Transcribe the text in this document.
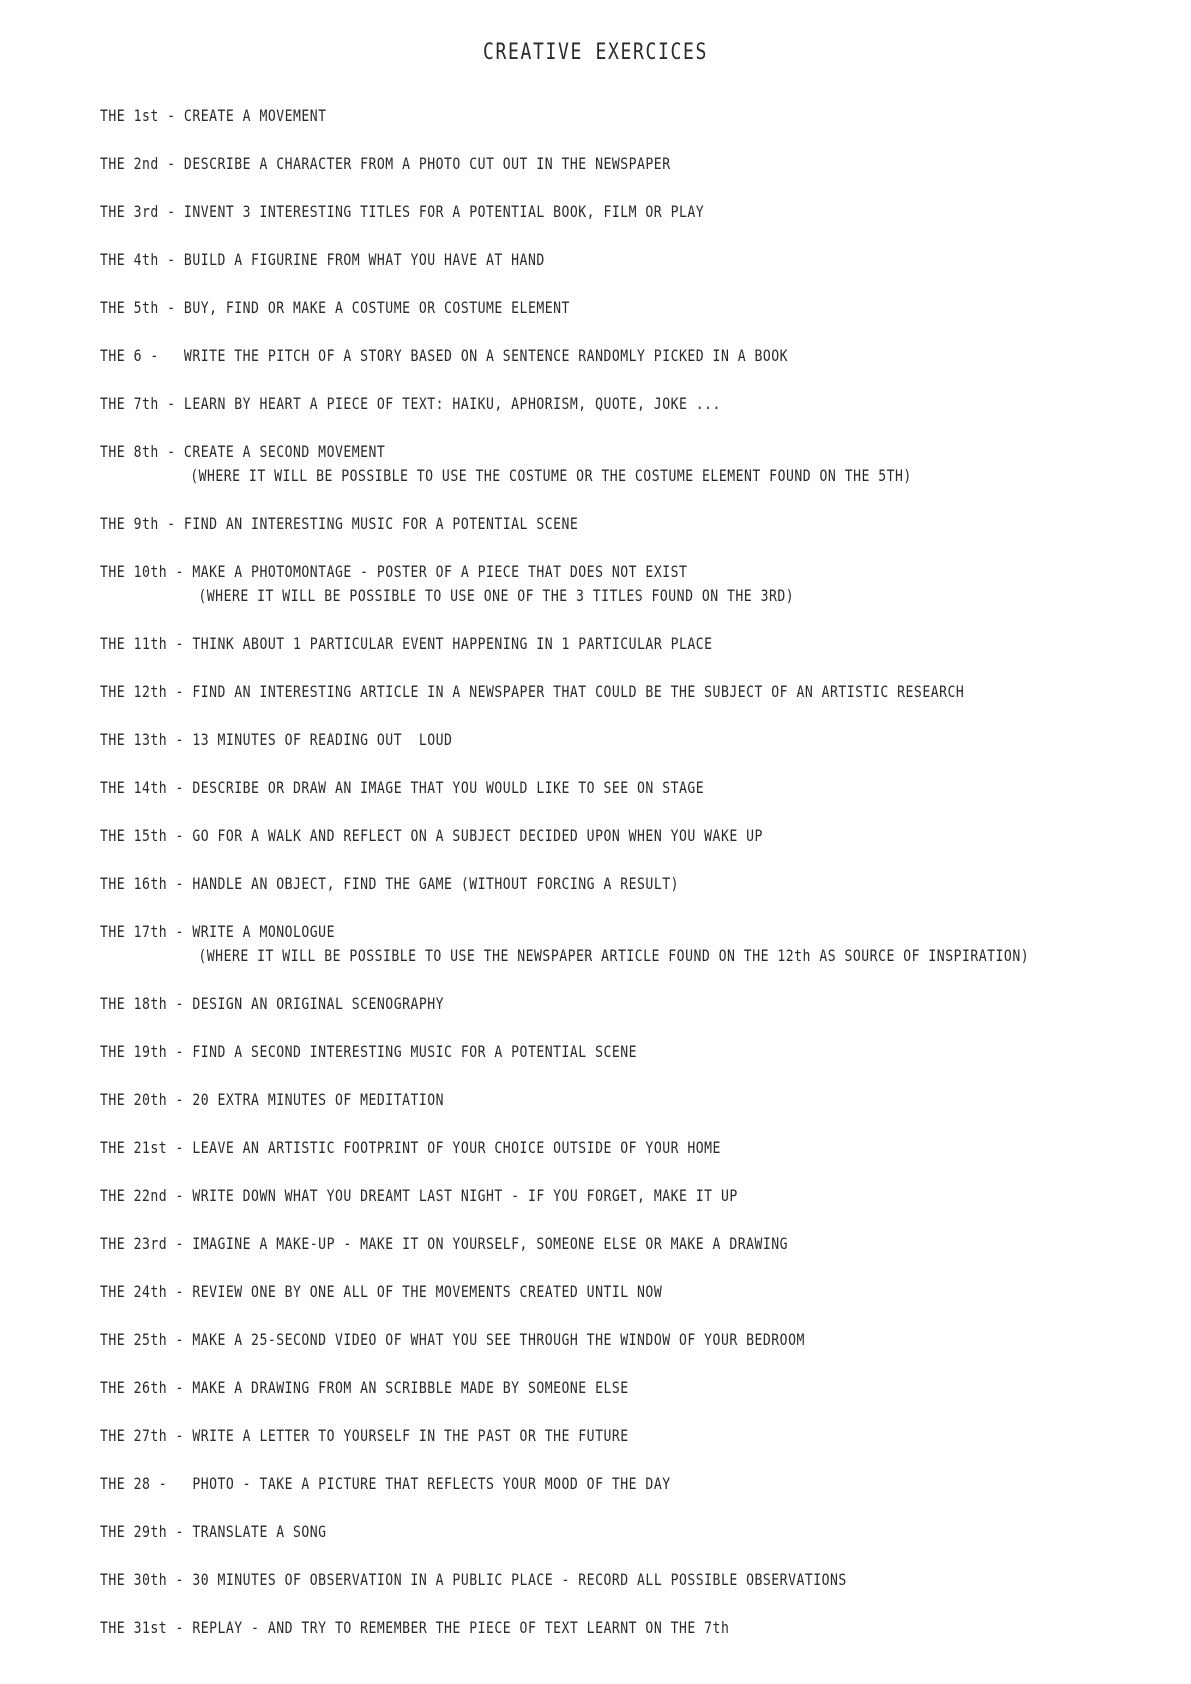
CREATIVE EXERCICES
THE 1st - CREATE A MOVEMENT
THE 2nd - DESCRIBE A CHARACTER FROM A PHOTO CUT OUT IN THE NEWSPAPER
THE 3rd - INVENT 3 INTERESTING TITLES FOR A POTENTIAL BOOK, FILM OR PLAY
THE 4th - BUILD A FIGURINE FROM WHAT YOU HAVE AT HAND
THE 5th - BUY, FIND OR MAKE A COSTUME OR COSTUME ELEMENT
THE 6 -   WRITE THE PITCH OF A STORY BASED ON A SENTENCE RANDOMLY PICKED IN A BOOK
THE 7th - LEARN BY HEART A PIECE OF TEXT: HAIKU, APHORISM, QUOTE, JOKE ...
THE 8th - CREATE A SECOND MOVEMENT
(WHERE IT WILL BE POSSIBLE TO USE THE COSTUME OR THE COSTUME ELEMENT FOUND ON THE 5TH)
THE 9th - FIND AN INTERESTING MUSIC FOR A POTENTIAL SCENE
THE 10th - MAKE A PHOTOMONTAGE - POSTER OF A PIECE THAT DOES NOT EXIST
(WHERE IT WILL BE POSSIBLE TO USE ONE OF THE 3 TITLES FOUND ON THE 3RD)
THE 11th - THINK ABOUT 1 PARTICULAR EVENT HAPPENING IN 1 PARTICULAR PLACE
THE 12th - FIND AN INTERESTING ARTICLE IN A NEWSPAPER THAT COULD BE THE SUBJECT OF AN ARTISTIC RESEARCH
THE 13th - 13 MINUTES OF READING OUT  LOUD
THE 14th - DESCRIBE OR DRAW AN IMAGE THAT YOU WOULD LIKE TO SEE ON STAGE
THE 15th - GO FOR A WALK AND REFLECT ON A SUBJECT DECIDED UPON WHEN YOU WAKE UP
THE 16th - HANDLE AN OBJECT, FIND THE GAME (WITHOUT FORCING A RESULT)
THE 17th - WRITE A MONOLOGUE
(WHERE IT WILL BE POSSIBLE TO USE THE NEWSPAPER ARTICLE FOUND ON THE 12th AS SOURCE OF INSPIRATION)
THE 18th - DESIGN AN ORIGINAL SCENOGRAPHY
THE 19th - FIND A SECOND INTERESTING MUSIC FOR A POTENTIAL SCENE
THE 20th - 20 EXTRA MINUTES OF MEDITATION
THE 21st - LEAVE AN ARTISTIC FOOTPRINT OF YOUR CHOICE OUTSIDE OF YOUR HOME
THE 22nd - WRITE DOWN WHAT YOU DREAMT LAST NIGHT - IF YOU FORGET, MAKE IT UP
THE 23rd - IMAGINE A MAKE-UP - MAKE IT ON YOURSELF, SOMEONE ELSE OR MAKE A DRAWING
THE 24th - REVIEW ONE BY ONE ALL OF THE MOVEMENTS CREATED UNTIL NOW
THE 25th - MAKE A 25-SECOND VIDEO OF WHAT YOU SEE THROUGH THE WINDOW OF YOUR BEDROOM
THE 26th - MAKE A DRAWING FROM AN SCRIBBLE MADE BY SOMEONE ELSE
THE 27th - WRITE A LETTER TO YOURSELF IN THE PAST OR THE FUTURE
THE 28 -   PHOTO - TAKE A PICTURE THAT REFLECTS YOUR MOOD OF THE DAY
THE 29th - TRANSLATE A SONG
THE 30th - 30 MINUTES OF OBSERVATION IN A PUBLIC PLACE - RECORD ALL POSSIBLE OBSERVATIONS
THE 31st - REPLAY - AND TRY TO REMEMBER THE PIECE OF TEXT LEARNT ON THE 7th
